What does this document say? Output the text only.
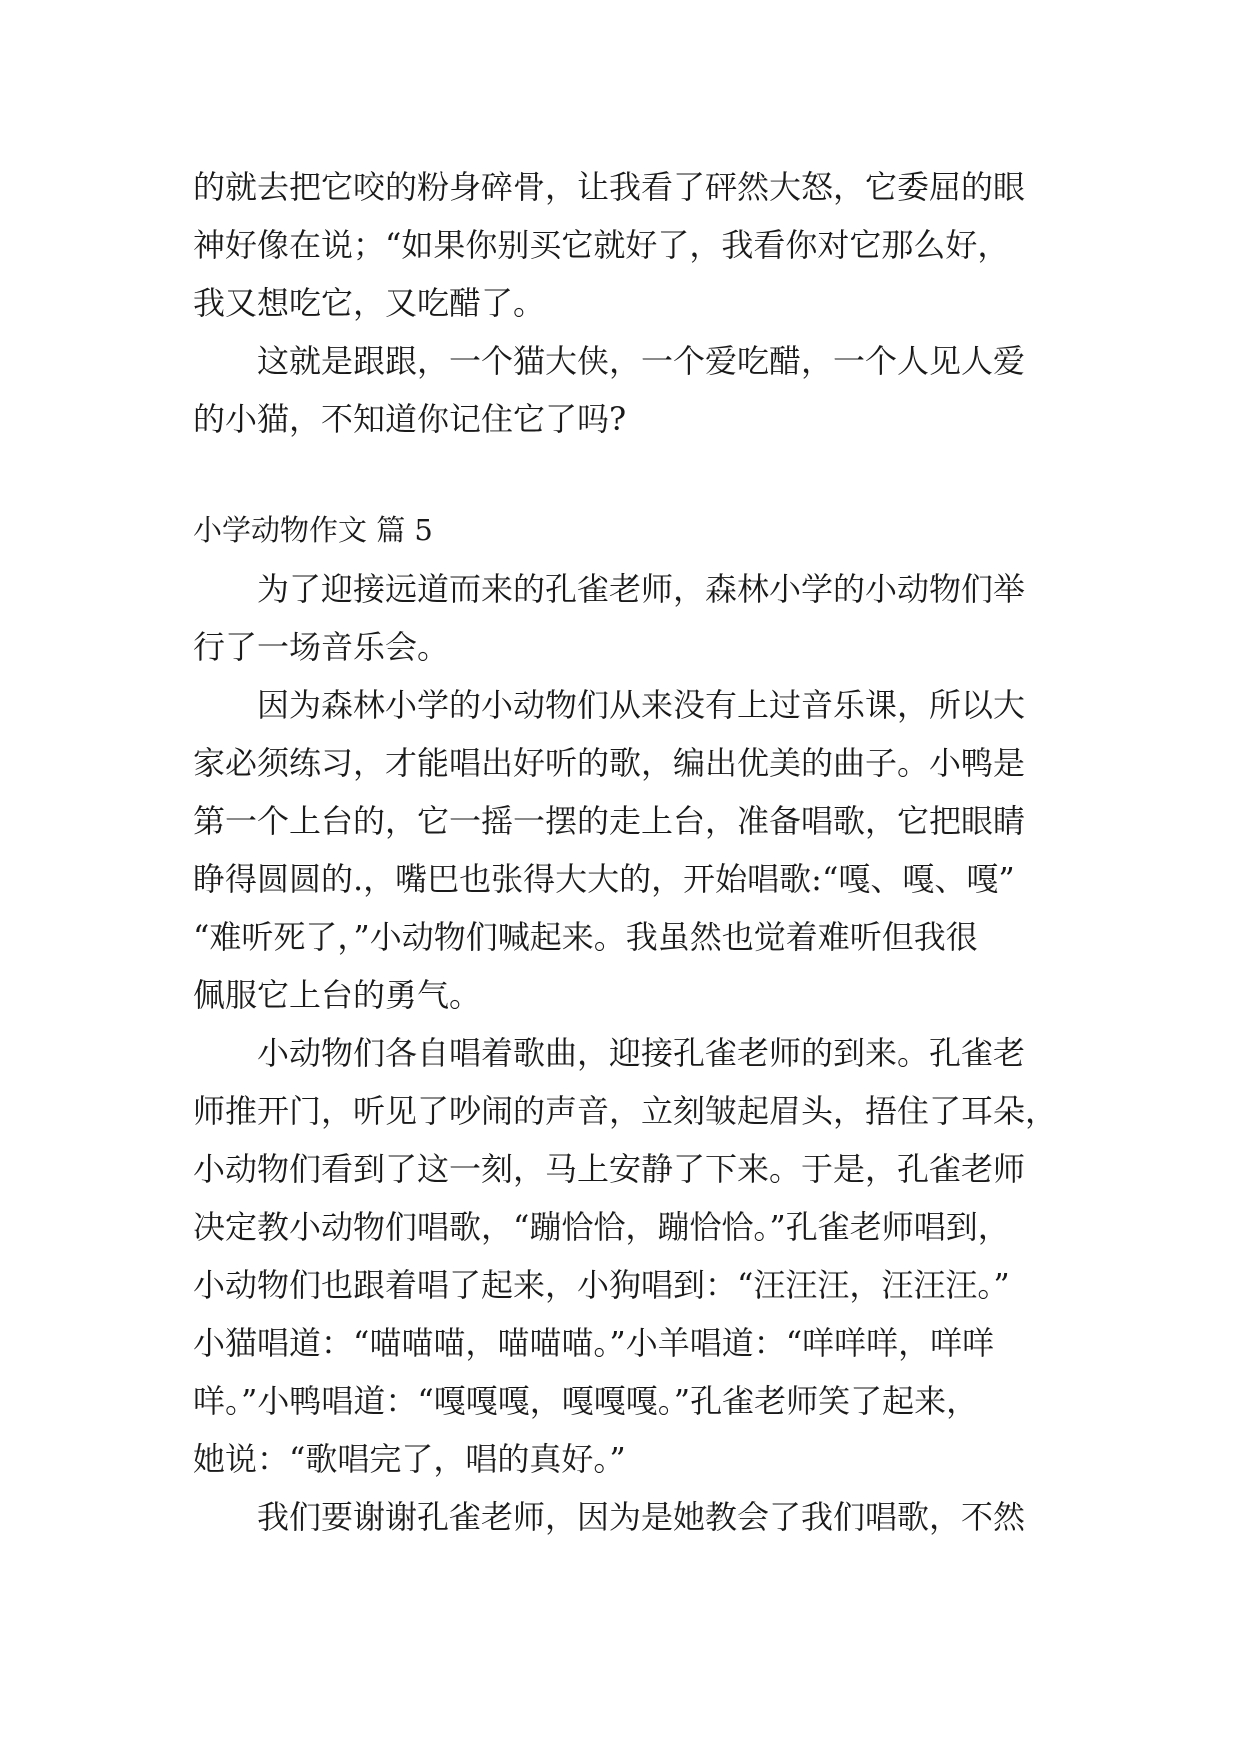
的就去把它咬的粉身碎骨，让我看了砰然大怒，它委屈的眼

神好像在说；“如果你别买它就好了，我看你对它那么好，

我又想吃它，又吃醋了。

这就是跟跟，一个猫大侠，一个爱吃醋，一个人见人爱

的小猫，不知道你记住它了吗?

小学动物作文 篇 5

为了迎接远道而来的孔雀老师，森林小学的小动物们举

行了一场音乐会。

因为森林小学的小动物们从来没有上过音乐课，所以大

家必须练习，才能唱出好听的歌，编出优美的曲子。小鸭是

第一个上台的，它一摇一摆的走上台，准备唱歌，它把眼睛

睁得圆圆的.，嘴巴也张得大大的，开始唱歌:“嘎、嘎、嘎”

“难听死了，”小动物们喊起来。我虽然也觉着难听但我很

佩服它上台的勇气。

小动物们各自唱着歌曲，迎接孔雀老师的到来。孔雀老

师推开门，听见了吵闹的声音，立刻皱起眉头，捂住了耳朵，

小动物们看到了这一刻，马上安静了下来。于是，孔雀老师

决定教小动物们唱歌，“蹦恰恰，蹦恰恰。”孔雀老师唱到，

小动物们也跟着唱了起来，小狗唱到：“汪汪汪，汪汪汪。”

小猫唱道：“喵喵喵，喵喵喵。”小羊唱道：“咩咩咩，咩咩

咩。”小鸭唱道：“嘎嘎嘎，嘎嘎嘎。”孔雀老师笑了起来，

她说：“歌唱完了，唱的真好。”

我们要谢谢孔雀老师，因为是她教会了我们唱歌，不然
